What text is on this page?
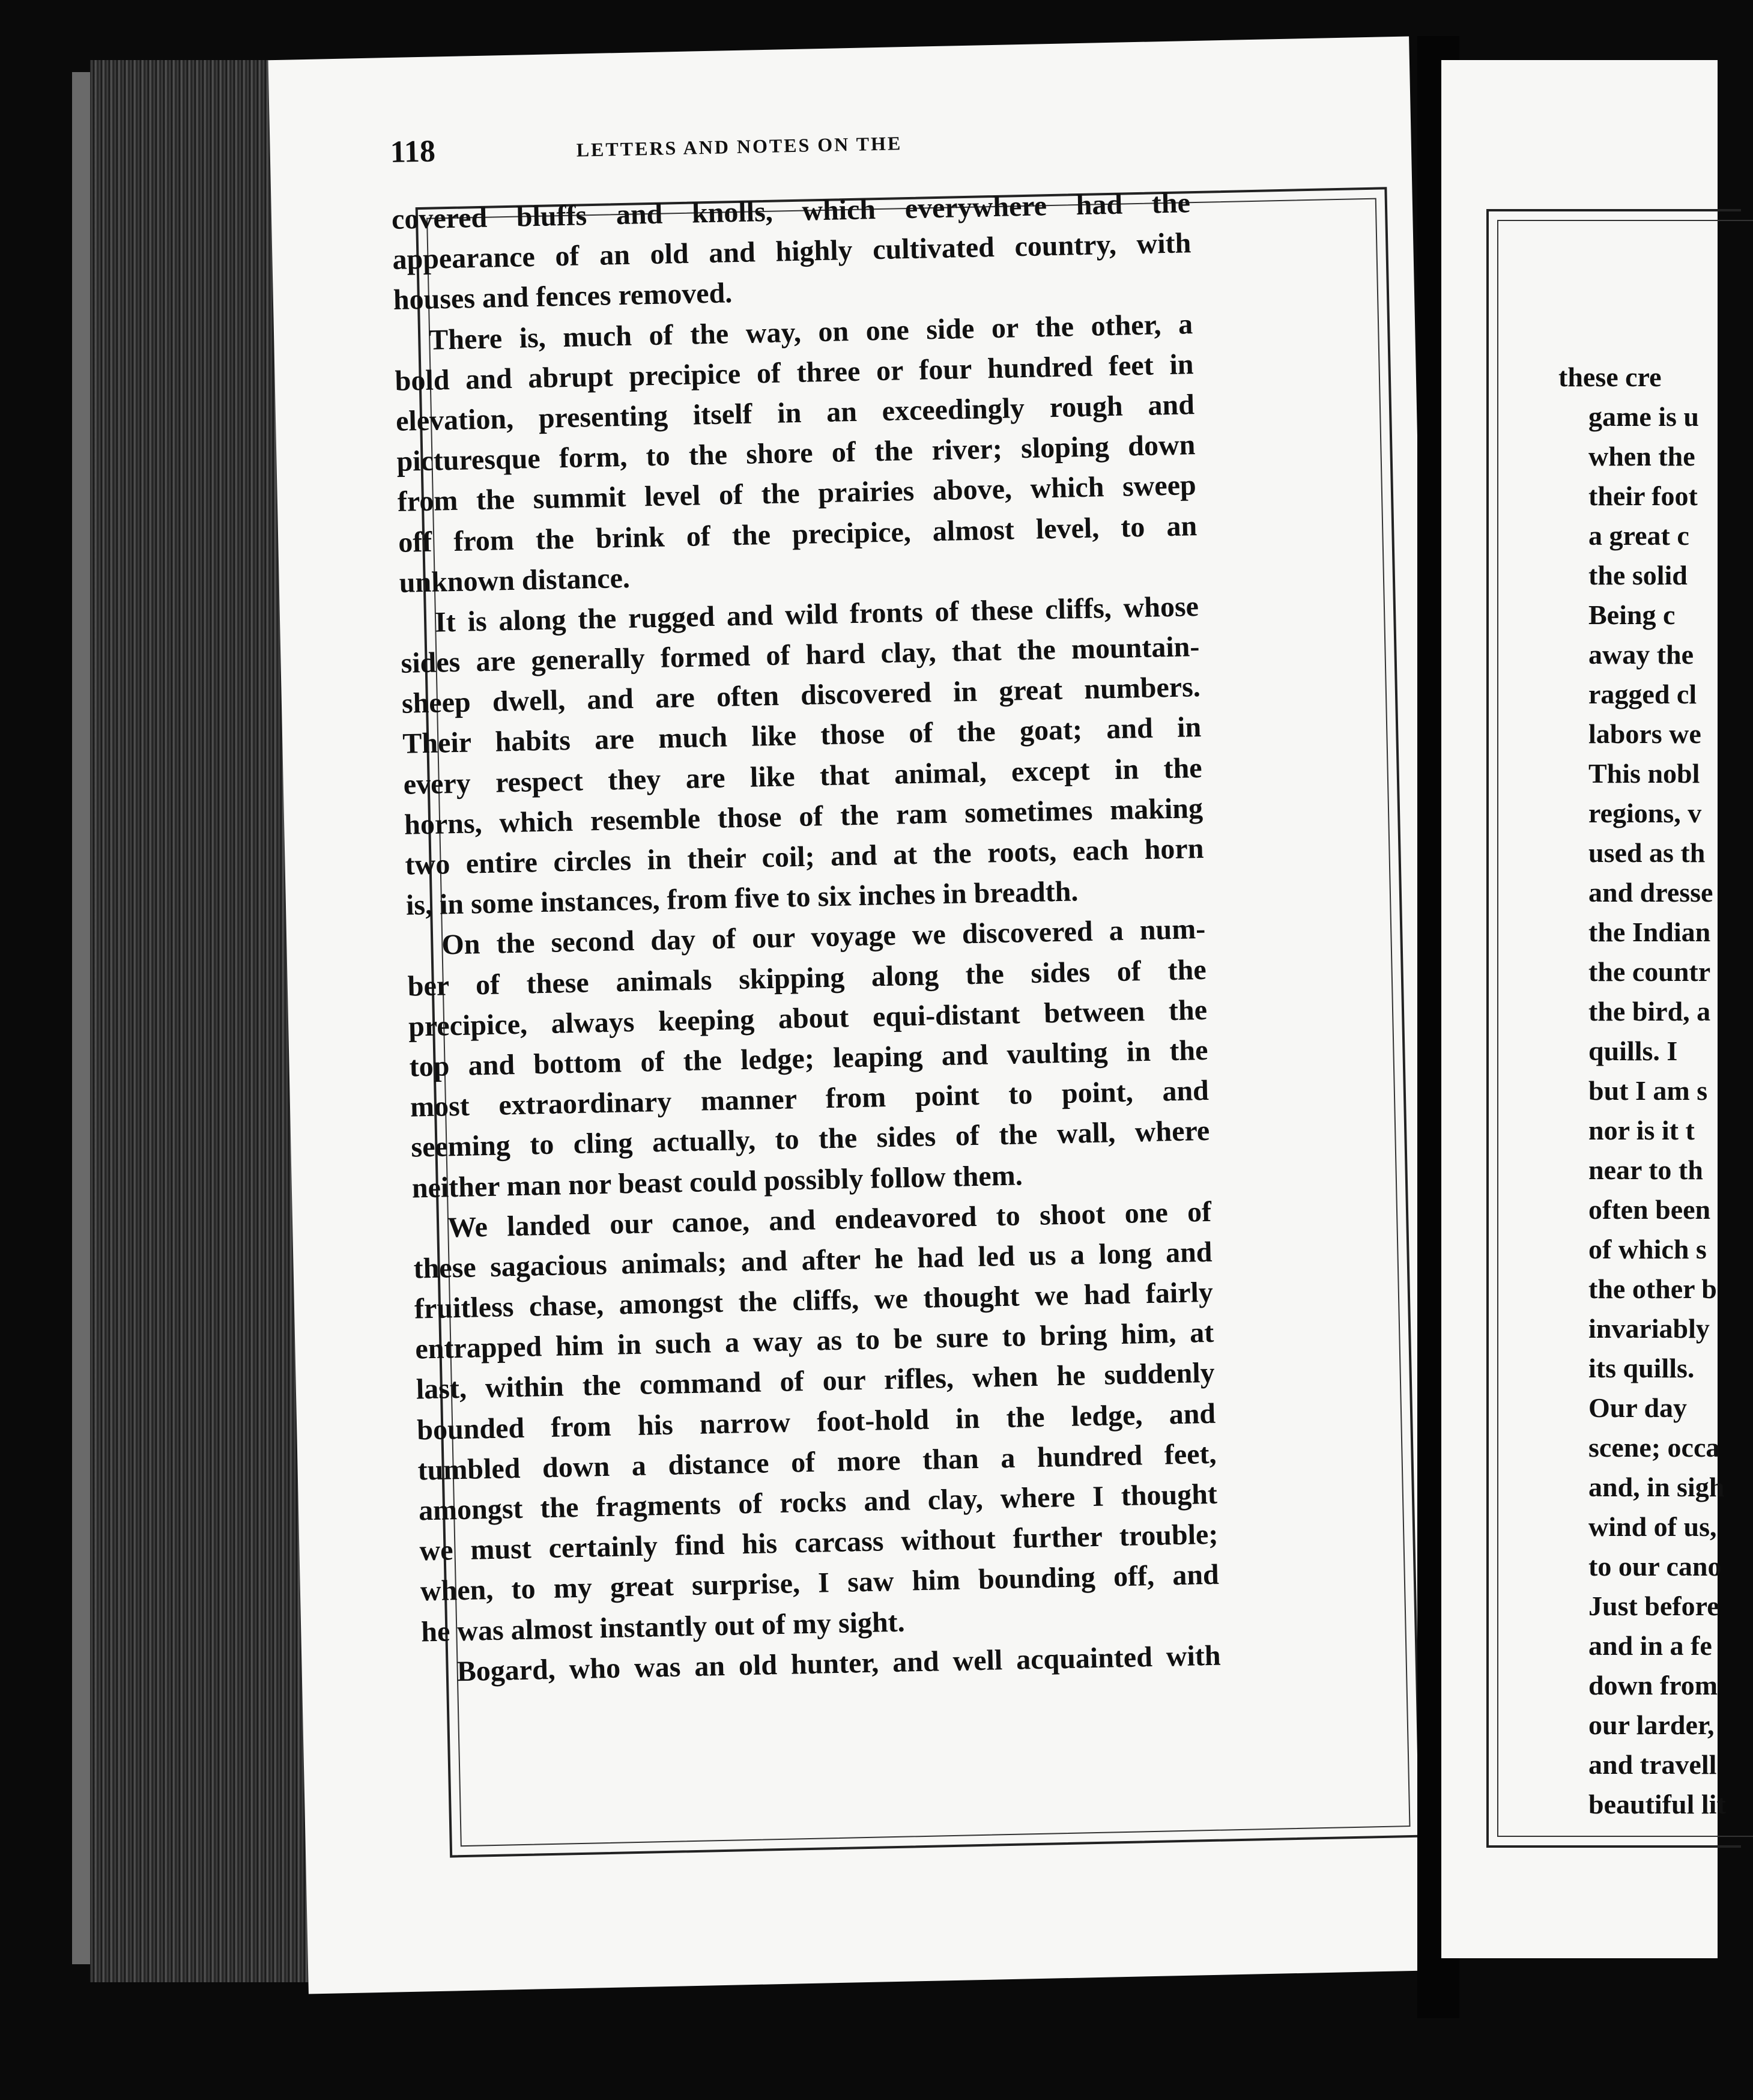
118	LETTERS AND NOTES ON THE
covered bluffs and knolls, which everywhere had the
appearance of an old and highly cultivated country, with
houses and fences removed.
There is, much of the way, on one side or the other, a
bold and abrupt precipice of three or four hundred feet in
elevation, presenting itself in an exceedingly rough and
picturesque form, to the shore of the river; sloping down
from the summit level of the prairies above, which sweep
off from the brink of the precipice, almost level, to an
unknown distance.
It is along the rugged and wild fronts of these cliffs, whose
sides are generally formed of hard clay, that the mountain-
sheep dwell, and are often discovered in great numbers.
Their habits are much like those of the goat; and in
every respect they are like that animal, except in the
horns, which resemble those of the ram sometimes making
two entire circles in their coil; and at the roots, each horn
is, in some instances, from five to six inches in breadth.
On the second day of our voyage we discovered a num-
ber of these animals skipping along the sides of the
precipice, always keeping about equi-distant between the
top and bottom of the ledge; leaping and vaulting in the
most extraordinary manner from point to point, and
seeming to cling actually, to the sides of the wall, where
neither man nor beast could possibly follow them.
We landed our canoe, and endeavored to shoot one of
these sagacious animals; and after he had led us a long and
fruitless chase, amongst the cliffs, we thought we had fairly
entrapped him in such a way as to be sure to bring him, at
last, within the command of our rifles, when he suddenly
bounded from his narrow foot-hold in the ledge, and
tumbled down a distance of more than a hundred feet,
amongst the fragments of rocks and clay, where I thought
we must certainly find his carcass without further trouble;
when, to my great surprise, I saw him bounding off, and
he was almost instantly out of my sight.
Bogard, who was an old hunter, and well acquainted with
these cre
game is u
when the
their foot
a great c
the solid
Being c
away the
ragged cl
labors we
This nobl
regions, v
used as th
and dresse
the Indian
the countr
the bird, a
quills. I
but I am s
nor is it t
near to th
often been
of which s
the other b
invariably
its quills.
Our day
scene; occa
and, in sigh
wind of us,
to our cano
Just before
and in a fe
down from
our larder,
and travell
beautiful lit
